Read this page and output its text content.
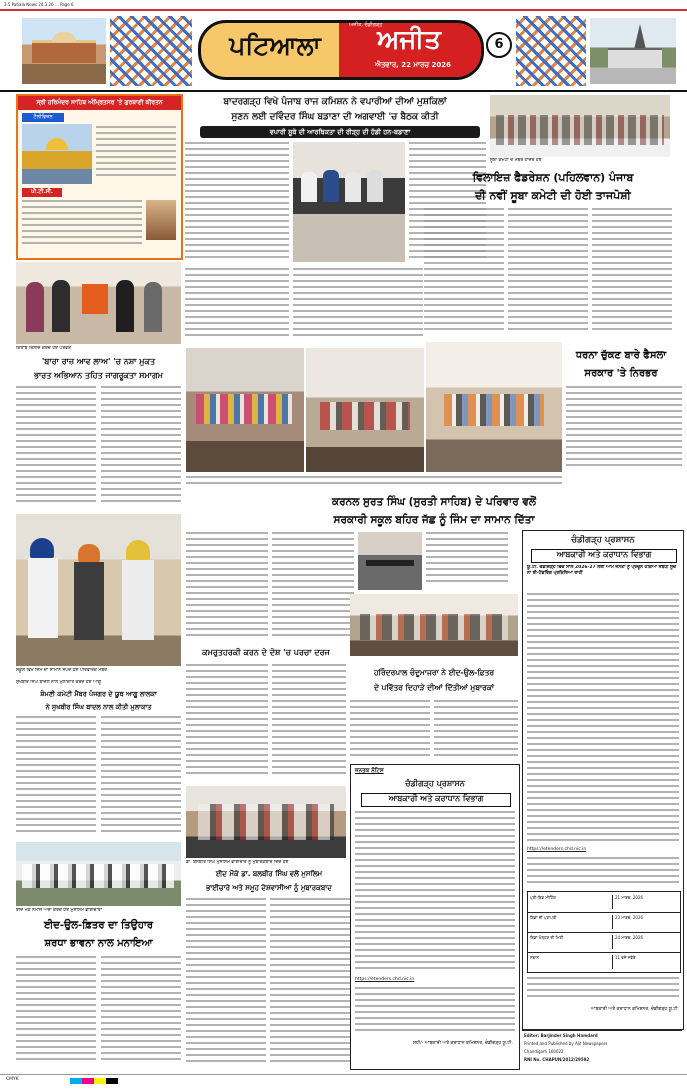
3.5 Patiala News 24.3.26 ... Page 6
ਪਟਿਆਲਾ	ਅਜੀਤ
ਅਜੀਤ, ਚੰਡੀਗੜ੍ਹ
ਐਤਵਾਰ, 22 ਮਾਰਚ 2026
6
ਸ੍ਰੀ ਹਰਿਮੰਦਰ ਸਾਹਿਬ ਅੰਮ੍ਰਿਤਸਰ 'ਤੇ ਗੁਰਬਾਣੀ ਕੀਰਤਨ
ਟੈਲੀਵਿਜ਼ਨ
ਪੀ.ਟੀ.ਸੀ.
ਬਾਦਰਗੜ੍ਹ ਵਿਖੇ ਪੰਜਾਬ ਰਾਜ ਕਮਿਸ਼ਨ ਨੇ ਵਪਾਰੀਆਂ ਦੀਆਂ ਮੁਸ਼ਕਿਲਾਂ
ਸੁਣਨ ਲਈ ਦਵਿੰਦਰ ਸਿੰਘ ਬਡਾਣਾ ਦੀ ਅਗਵਾਈ 'ਚ ਬੈਠਕ ਕੀਤੀ
ਵਪਾਰੀ ਸੂਬੇ ਦੀ ਆਰਥਿਕਤਾ ਦੀ ਰੀੜ੍ਹ ਦੀ ਹੱਡੀ ਹਨ-ਬਡਾਣਾ
ਸੂਬਾ ਕਮੇਟੀ ਦੇ ਮੈਂਬਰ ਹਾਜ਼ਰ ਹੋਏ
ਵਿਲਾਇਜ਼ ਫੈਡਰੇਸ਼ਨ (ਪਹਿਲਵਾਨ) ਪੰਜਾਬ
ਦੀ ਨਵੀਂ ਸੂਬਾ ਕਮੇਟੀ ਦੀ ਹੋਈ ਤਾਜਪੋਸ਼ੀ
ਕਿਤਾਬ ਰਿਲੀਜ਼ ਕਰਦੇ ਹੋਏ ਪਤਵੰਤੇ
'ਬਾਰਾ ਰਾਜ਼ ਆਵ ਲਾਅ' 'ਚ ਨਸ਼ਾ ਮੁਕਤ
ਭਾਰਤ ਅਭਿਆਨ ਤਹਿਤ ਜਾਗਰੂਕਤਾ ਸਮਾਗਮ
ਧਰਨਾ ਚੁੱਕਣ ਬਾਰੇ ਫੈਸਲਾ
ਸਰਕਾਰ 'ਤੇ ਨਿਰਭਰ
ਸਕੂਲ ਵਿਖੇ ਜਿੰਮ ਦਾ ਸਾਮਾਨ ਸੌਂਪਦੇ ਹੋਏ ਪਰਿਵਾਰਕ ਮੈਂਬਰ
ਕਰਨਲ ਸੁਰਤ ਸਿੰਘ (ਸੁਰਤੀ ਸਾਹਿਬ) ਦੇ ਪਰਿਵਾਰ ਵਲੋਂ
ਸਰਕਾਰੀ ਸਕੂਲ ਬਹਿਰ ਜੱਛ ਨੂੰ ਜਿੰਮ ਦਾ ਸਾਮਾਨ ਦਿੱਤਾ
ਕਮਰੁਤਹਰਕੀ ਕਰਨ ਦੇ ਦੋਸ਼ 'ਚ ਪਰਚਾ ਦਰਜ
ਹਰਿੰਦਰਪਾਲ ਚੰਦੂਮਾਜਰਾ ਨੇ ਈਦ-ਉਲ-ਫ਼ਿਤਰ
ਦੇ ਪਵਿੱਤਰ ਦਿਹਾੜੇ ਦੀਆਂ ਦਿੱਤੀਆਂ ਮੁਬਾਰਕਾਂ
ਸੁਖਬੀਰ ਸਿੰਘ ਬਾਦਲ ਨਾਲ ਮੁਲਾਕਾਤ ਕਰਦੇ ਹੋਏ ਆਗੂ
ਸ਼ੋਮਣੀ ਕਮੇਟੀ ਮੈਂਬਰ ਪੰਜਗਰ ਦੇ ਯੂਥ ਆਗੂ ਲਾਲਕਾ
ਨੇ ਸੁਖਬੀਰ ਸਿੰਘ ਬਾਦਲ ਨਾਲ ਕੀਤੀ ਮੁਲਾਕਾਤ
ਈਦ ਮੌਕੇ ਨਮਾਜ਼ ਅਦਾ ਕਰਦੇ ਹੋਏ ਮੁਸਲਿਮ ਭਾਈਚਾਰਾ
ਈਦ-ਉਲ-ਫ਼ਿਤਰ ਦਾ ਤਿਉਹਾਰ
ਸ਼ਰਧਾ ਭਾਵਨਾ ਨਾਲ ਮਨਾਇਆ
ਡਾ. ਬਲਬੀਰ ਸਿੰਘ ਮੁਸਲਿਮ ਭਾਈਚਾਰੇ ਨੂੰ ਮੁਬਾਰਕਬਾਦ ਦਿੰਦੇ ਹੋਏ
ਈਦ ਮੌਕੇ ਡਾ. ਬਲਬੀਰ ਸਿੰਘ ਵਲੋਂ ਮੁਸਲਿਮ
ਭਾਈਚਾਰੇ ਅਤੇ ਸਮੂਹ ਦੇਸ਼ਵਾਸੀਆਂ ਨੂੰ ਮੁਬਾਰਕਬਾਦ
ਜਨਤਕ ਨੋਟਿਸ
ਚੰਡੀਗੜ੍ਹ ਪ੍ਰਸ਼ਾਸਨ
ਆਬਕਾਰੀ ਅਤੇ ਕਰਾਧਾਨ ਵਿਭਾਗ
https://etenders.chd.nic.in
ਸਹੀ/- ਆਬਕਾਰੀ ਅਤੇ ਕਰਾਧਾਨ ਕਮਿਸ਼ਨਰ, ਚੰਡੀਗੜ੍ਹ ਯੂ.ਟੀ.
ਚੰਡੀਗੜ੍ਹ ਪ੍ਰਸ਼ਾਸਨ
ਆਬਕਾਰੀ ਅਤੇ ਕਰਾਧਾਨ ਵਿਭਾਗ
ਯੂ.ਟੀ. ਚੰਡੀਗੜ੍ਹ ਵਿਚ ਸਾਲ 2026-27 ਲਈ ਆਮ ਜਨਤਾ ਨੂੰ ਪ੍ਰਚੂਨ ਠੇਕਿਆਂ ਸਬੰਧੀ ਸੂਚਨਾ ਈ-ਟੈਂਡਰਿੰਗ ਪ੍ਰਕਿਰਿਆ ਰਾਹੀਂ
https://etenders.chd.nic.in
ਪ੍ਰੀ-ਬਿਡ ਮੀਟਿੰਗ	21 ਮਾਰਚ, 2026
ਬਿਡਾਂ ਦੀ ਪ੍ਰਾਪਤੀ	23 ਮਾਰਚ, 2026
ਬਿਡਾਂ ਖੋਲ੍ਹਣ ਦੀ ਮਿਤੀ	24 ਮਾਰਚ, 2026
ਸਥਾਨ	11 ਵਜੇ ਸਵੇਰੇ
ਆਬਕਾਰੀ ਅਤੇ ਕਰਾਧਾਨ ਕਮਿਸ਼ਨਰ, ਚੰਡੀਗੜ੍ਹ ਯੂ.ਟੀ.
Editor: Barjinder Singh Hamdard
Printed and Published by Ajit Newspapers
Chandigarh 160022
RNI No. CHAPUN/2012/29592
CMYK
